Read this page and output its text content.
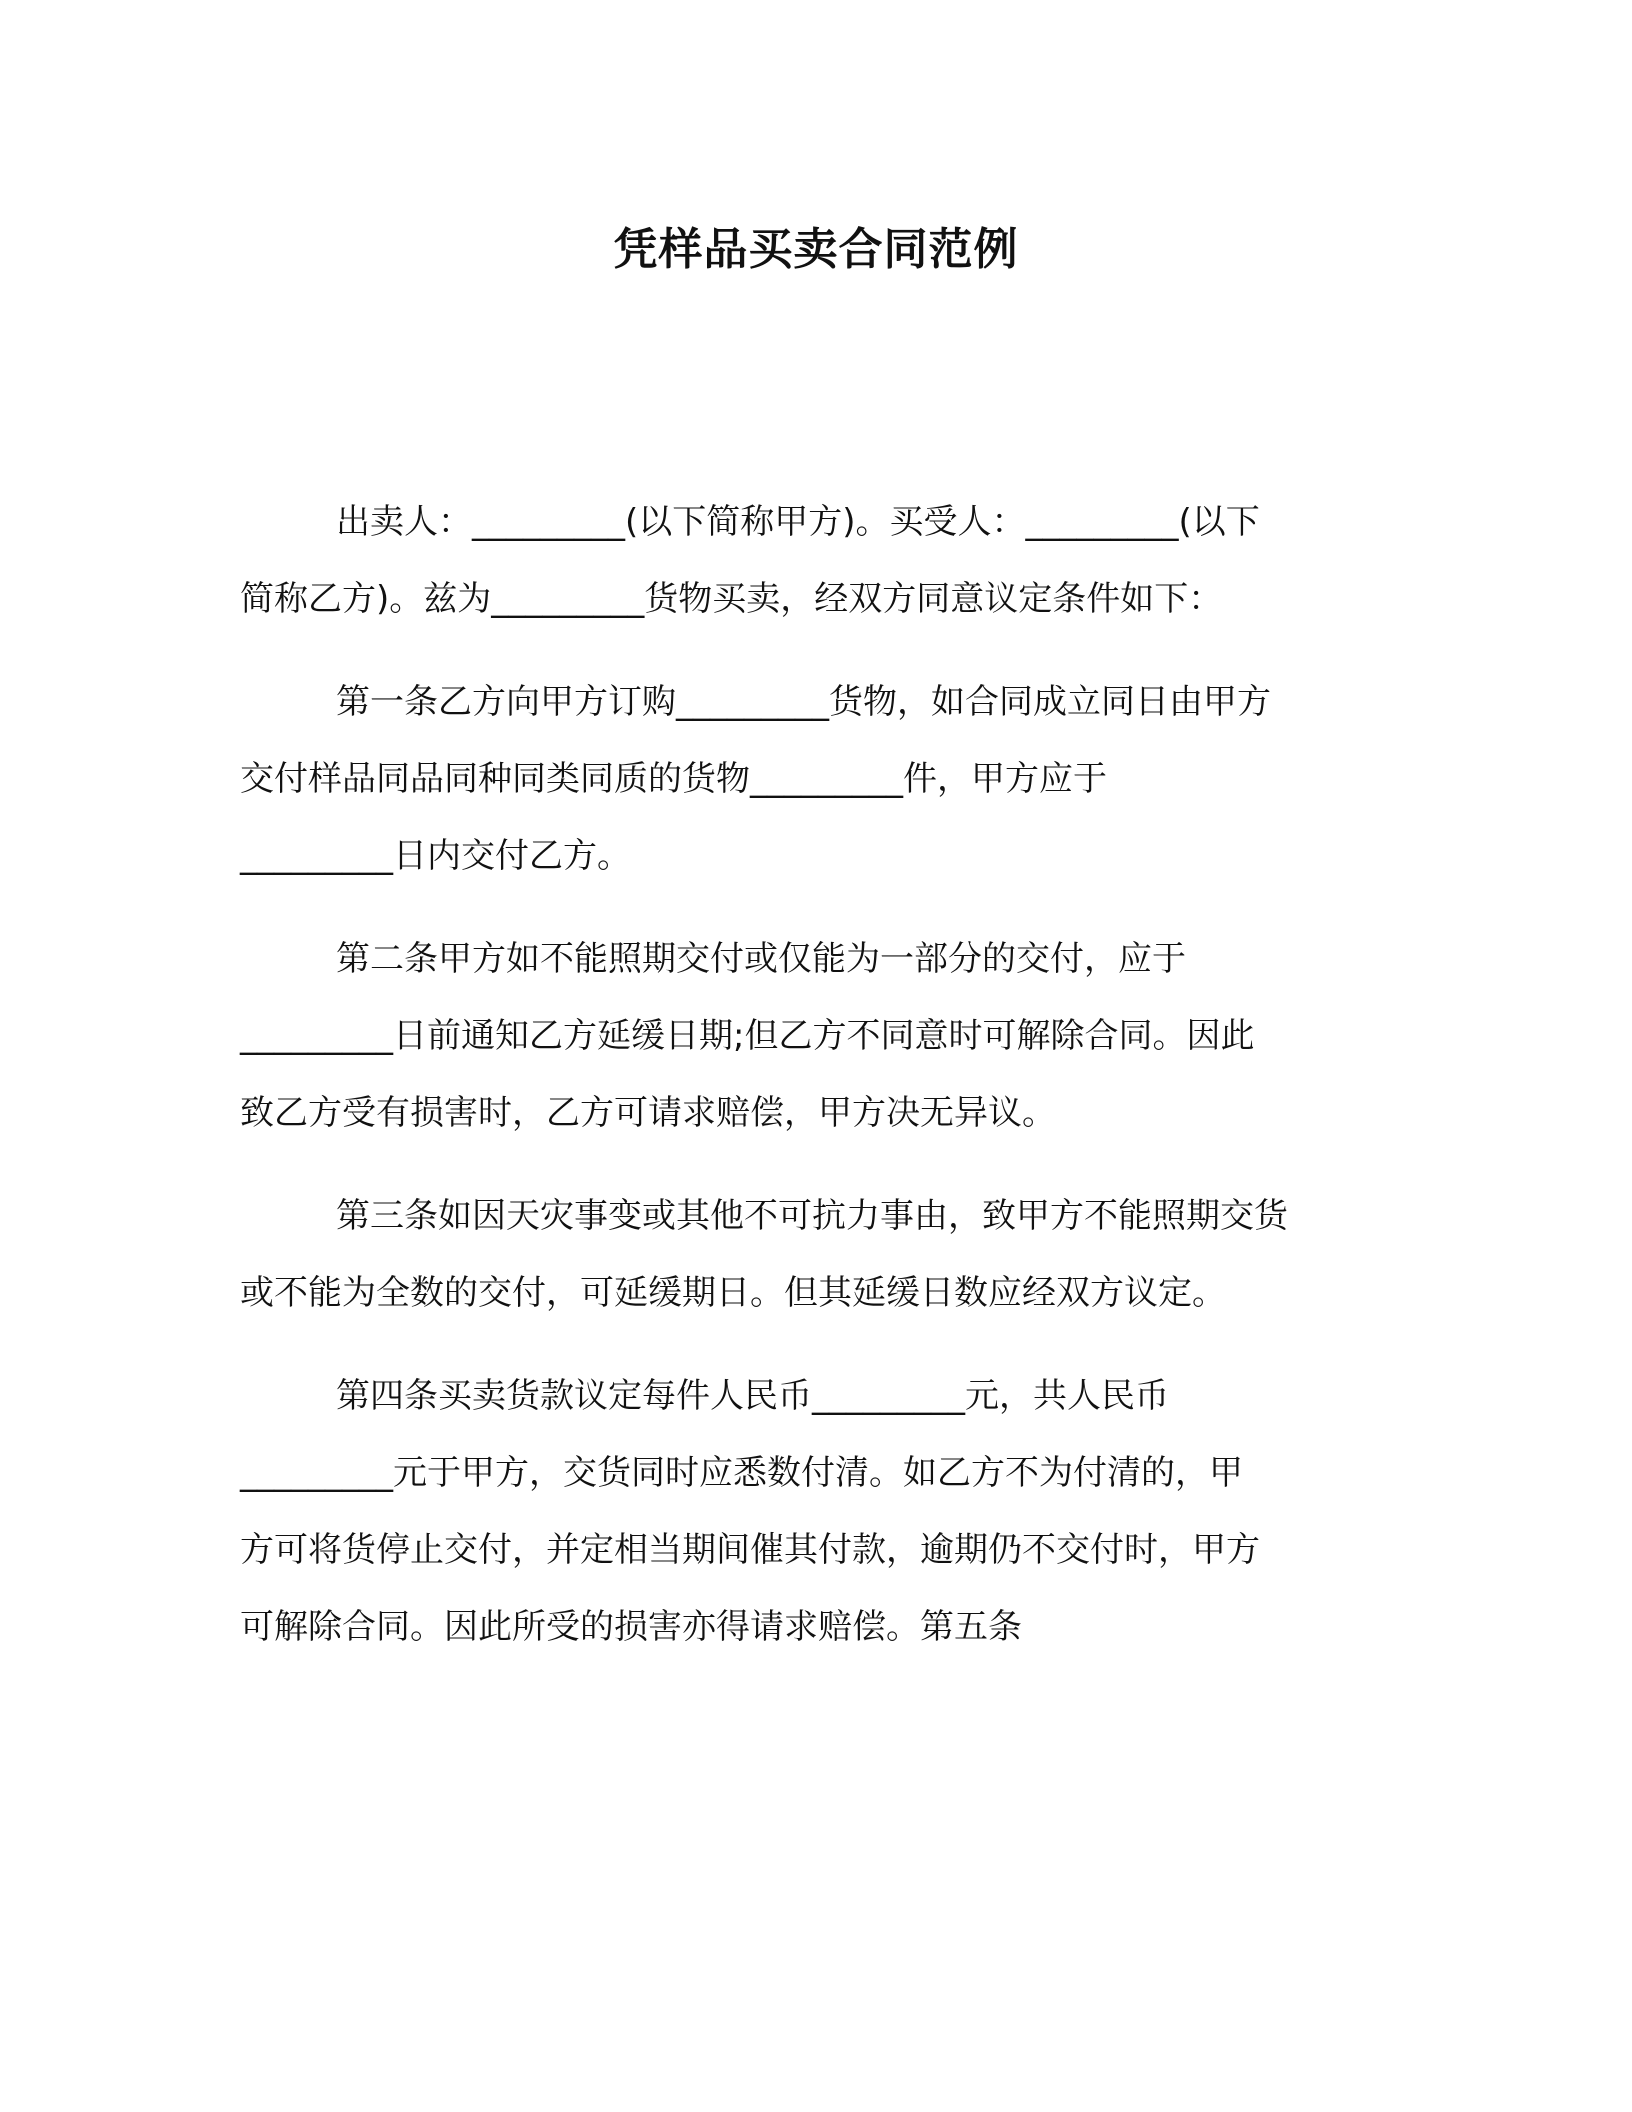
凭样品买卖合同范例

出卖人：_________(以下简称甲方)。买受人：_________(以下
简称乙方)。兹为_________货物买卖，经双方同意议定条件如下：

第一条乙方向甲方订购_________货物，如合同成立同日由甲方
交付样品同品同种同类同质的货物_________件，甲方应于
_________日内交付乙方。

第二条甲方如不能照期交付或仅能为一部分的交付，应于
_________日前通知乙方延缓日期;但乙方不同意时可解除合同。因此
致乙方受有损害时，乙方可请求赔偿，甲方决无异议。

第三条如因天灾事变或其他不可抗力事由，致甲方不能照期交货
或不能为全数的交付，可延缓期日。但其延缓日数应经双方议定。

第四条买卖货款议定每件人民币_________元，共人民币
_________元于甲方，交货同时应悉数付清。如乙方不为付清的，甲
方可将货停止交付，并定相当期间催其付款，逾期仍不交付时，甲方
可解除合同。因此所受的损害亦得请求赔偿。第五条
